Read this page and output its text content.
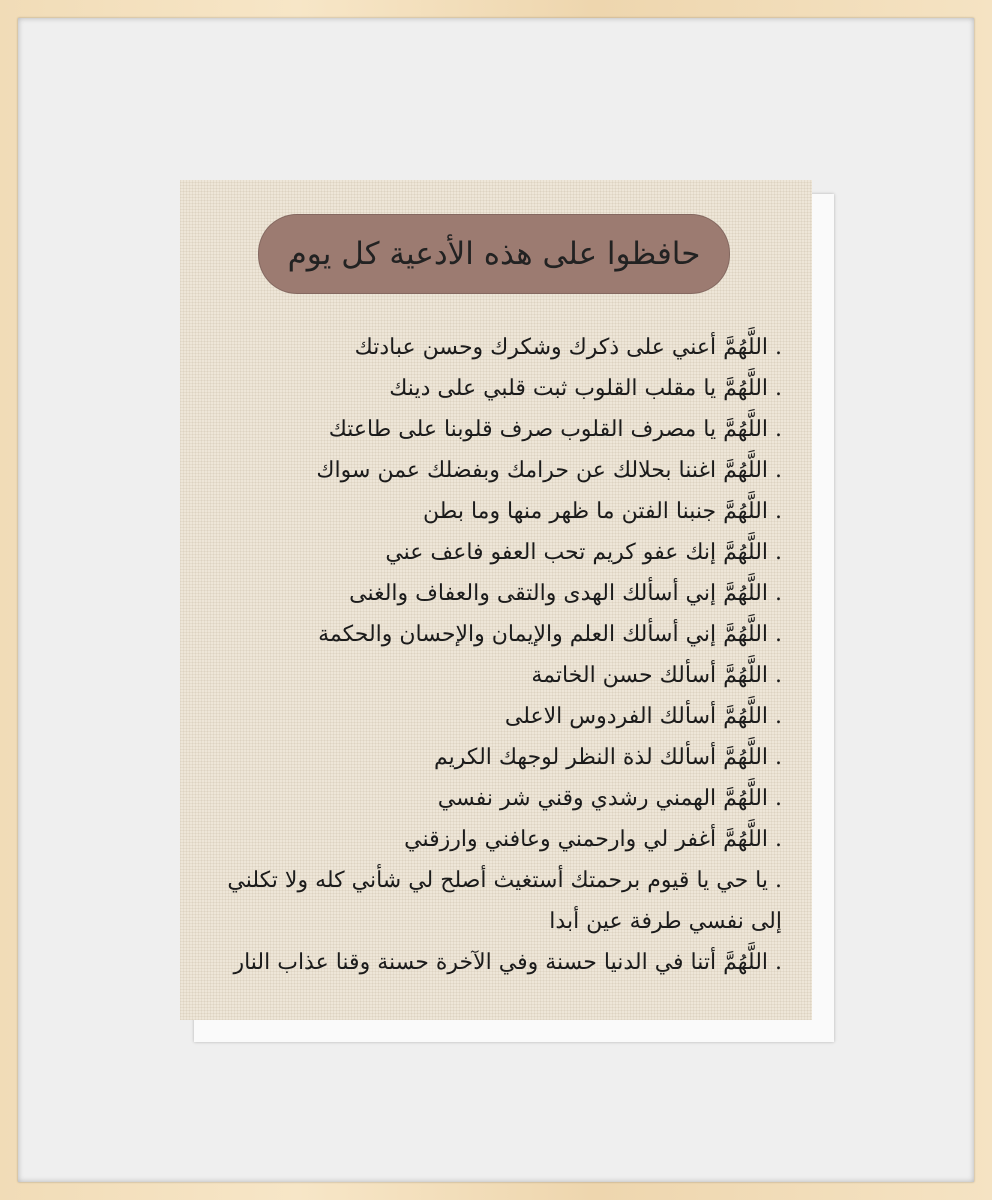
حافظوا على هذه الأدعية كل يوم
. اللَّهُمَّ أعني على ذكرك وشكرك وحسن عبادتك
. اللَّهُمَّ يا مقلب القلوب ثبت قلبي على دينك
. اللَّهُمَّ يا مصرف القلوب صرف قلوبنا على طاعتك
. اللَّهُمَّ اغننا بحلالك عن حرامك وبفضلك عمن سواك
. اللَّهُمَّ جنبنا الفتن ما ظهر منها وما بطن
. اللَّهُمَّ إنك عفو كريم تحب العفو فاعف عني
. اللَّهُمَّ إني أسألك الهدى والتقى والعفاف والغنى
. اللَّهُمَّ إني أسألك العلم والإيمان والإحسان والحكمة
. اللَّهُمَّ أسألك حسن الخاتمة
. اللَّهُمَّ أسألك الفردوس الاعلى
. اللَّهُمَّ أسألك لذة النظر لوجهك الكريم
. اللَّهُمَّ الهمني رشدي وقني شر نفسي
. اللَّهُمَّ أغفر لي وارحمني وعافني وارزقني
. يا حي يا قيوم برحمتك أستغيث أصلح لي شأني كله ولا تكلني
إلى نفسي طرفة عين أبدا
. اللَّهُمَّ أتنا في الدنيا حسنة وفي الآخرة حسنة وقنا عذاب النار
